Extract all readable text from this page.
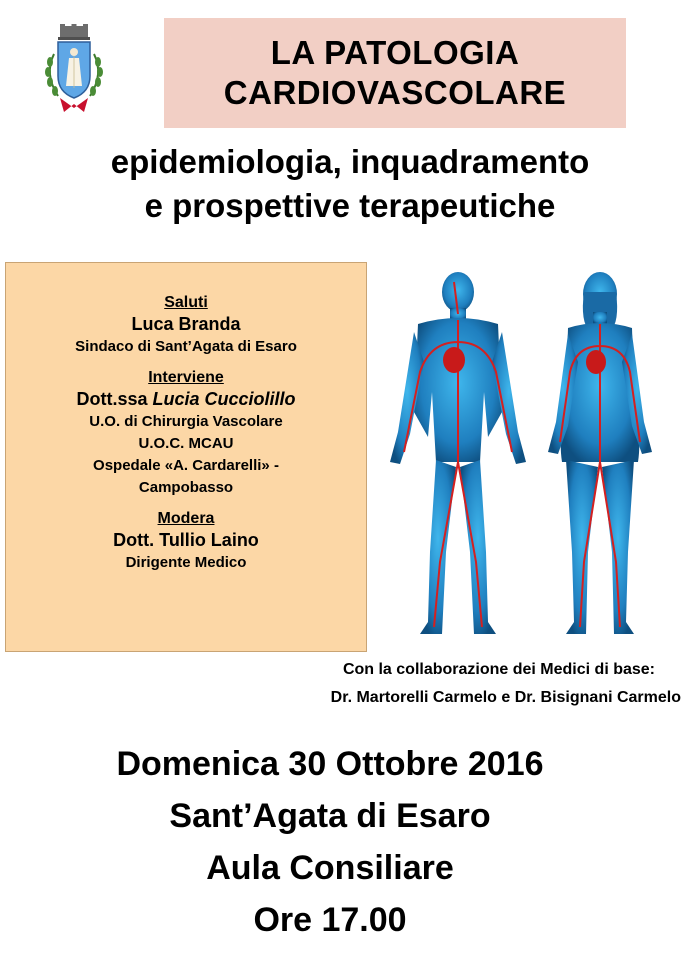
LA PATOLOGIA
CARDIOVASCOLARE
epidemiologia, inquadramento
e prospettive terapeutiche
Saluti
Luca Branda
Sindaco di Sant’Agata di Esaro
Interviene
Dott.ssa Lucia Cucciolillo
U.O. di Chirurgia Vascolare
U.O.C. MCAU
Ospedale «A. Cardarelli» -
Campobasso
Modera
Dott. Tullio Laino
Dirigente Medico
Con la collaborazione dei Medici di base:
Dr. Martorelli Carmelo e Dr. Bisignani Carmelo
Domenica 30 Ottobre 2016
Sant’Agata di Esaro
Aula Consiliare
Ore 17.00
